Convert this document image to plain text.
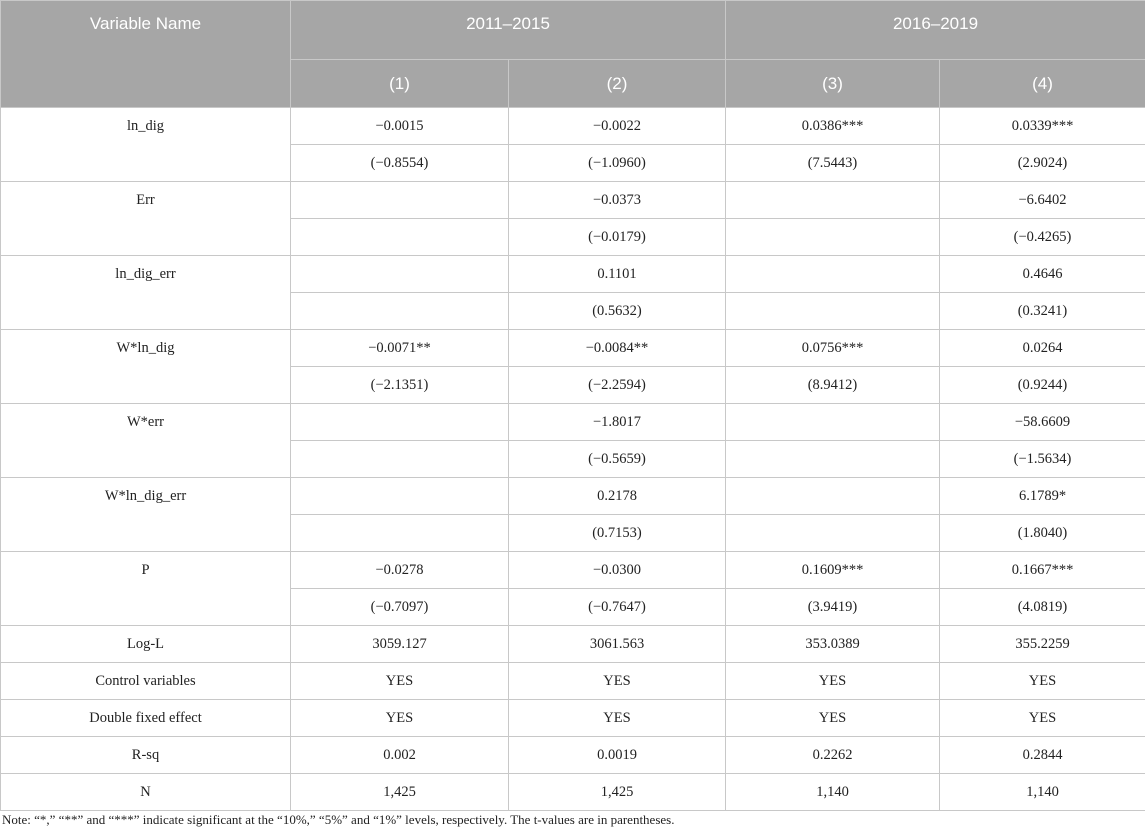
Variable Name	2011–2015		2016–2019	
	(1)	(2)	(3)	(4)
ln_dig	−0.0015	−0.0022	0.0386***	0.0339***
	(−0.8554)	(−1.0960)	(7.5443)	(2.9024)
Err		−0.0373		−6.6402
		(−0.0179)		(−0.4265)
ln_dig_err		0.1101		0.4646
		(0.5632)		(0.3241)
W*ln_dig	−0.0071**	−0.0084**	0.0756***	0.0264
	(−2.1351)	(−2.2594)	(8.9412)	(0.9244)
W*err		−1.8017		−58.6609
		(−0.5659)		(−1.5634)
W*ln_dig_err		0.2178		6.1789*
		(0.7153)		(1.8040)
P	−0.0278	−0.0300	0.1609***	0.1667***
	(−0.7097)	(−0.7647)	(3.9419)	(4.0819)
Log-L	3059.127	3061.563	353.0389	355.2259
Control variables	YES	YES	YES	YES
Double fixed effect	YES	YES	YES	YES
R-sq	0.002	0.0019	0.2262	0.2844
N	1,425	1,425	1,140	1,140
Note: “*,” “**” and “***” indicate significant at the “10%,” “5%” and “1%” levels, respectively. The t-values are in parentheses.
